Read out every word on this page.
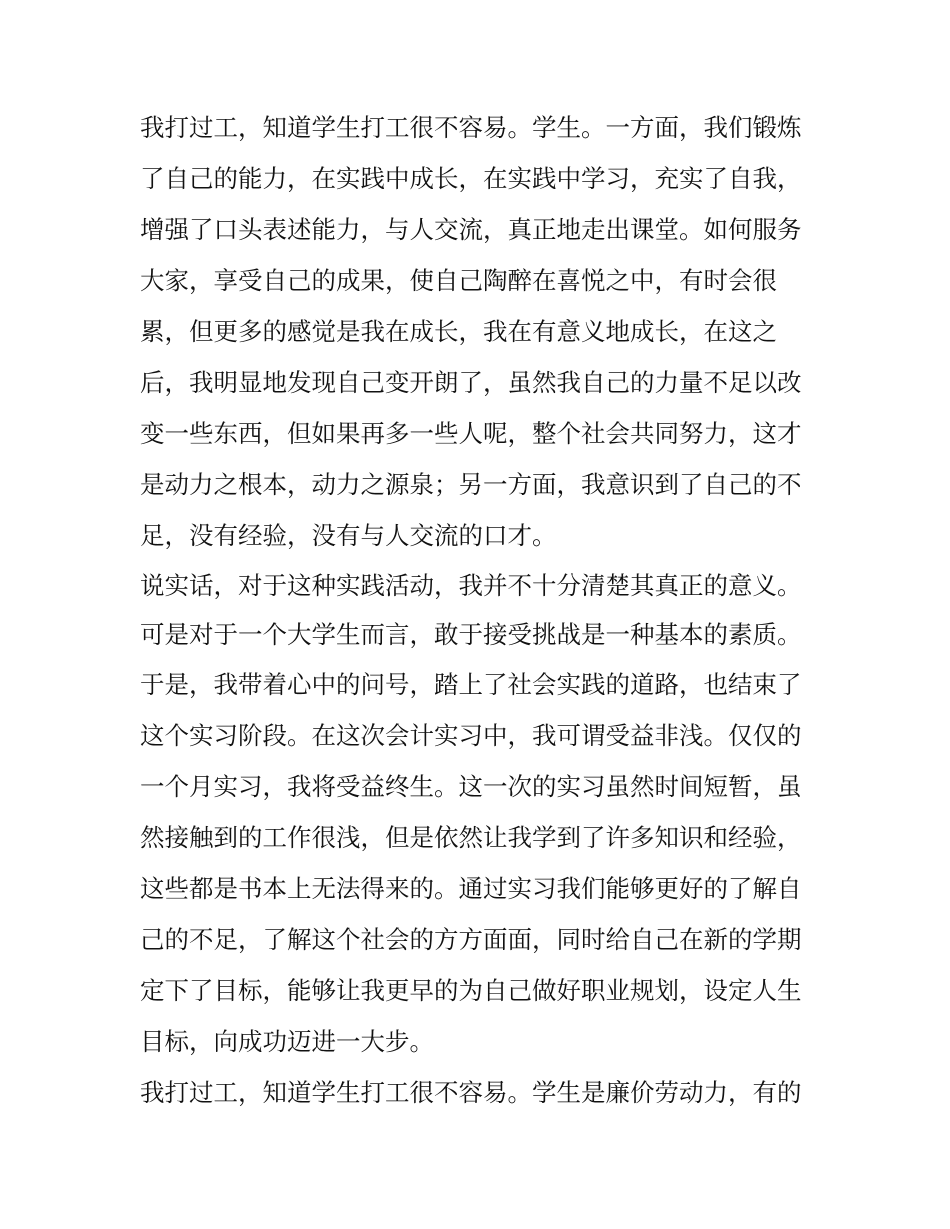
我打过工，知道学生打工很不容易。学生。一方面，我们锻炼
了自己的能力，在实践中成长，在实践中学习，充实了自我，
增强了口头表述能力，与人交流，真正地走出课堂。如何服务
大家，享受自己的成果，使自己陶醉在喜悦之中，有时会很
累，但更多的感觉是我在成长，我在有意义地成长，在这之
后，我明显地发现自己变开朗了，虽然我自己的力量不足以改
变一些东西，但如果再多一些人呢，整个社会共同努力，这才
是动力之根本，动力之源泉；另一方面，我意识到了自己的不
足，没有经验，没有与人交流的口才。
说实话，对于这种实践活动，我并不十分清楚其真正的意义。
可是对于一个大学生而言，敢于接受挑战是一种基本的素质。
于是，我带着心中的问号，踏上了社会实践的道路，也结束了
这个实习阶段。在这次会计实习中，我可谓受益非浅。仅仅的
一个月实习，我将受益终生。这一次的实习虽然时间短暂，虽
然接触到的工作很浅，但是依然让我学到了许多知识和经验，
这些都是书本上无法得来的。通过实习我们能够更好的了解自
己的不足，了解这个社会的方方面面，同时给自己在新的学期
定下了目标，能够让我更早的为自己做好职业规划，设定人生
目标，向成功迈进一大步。
我打过工，知道学生打工很不容易。学生是廉价劳动力，有的
